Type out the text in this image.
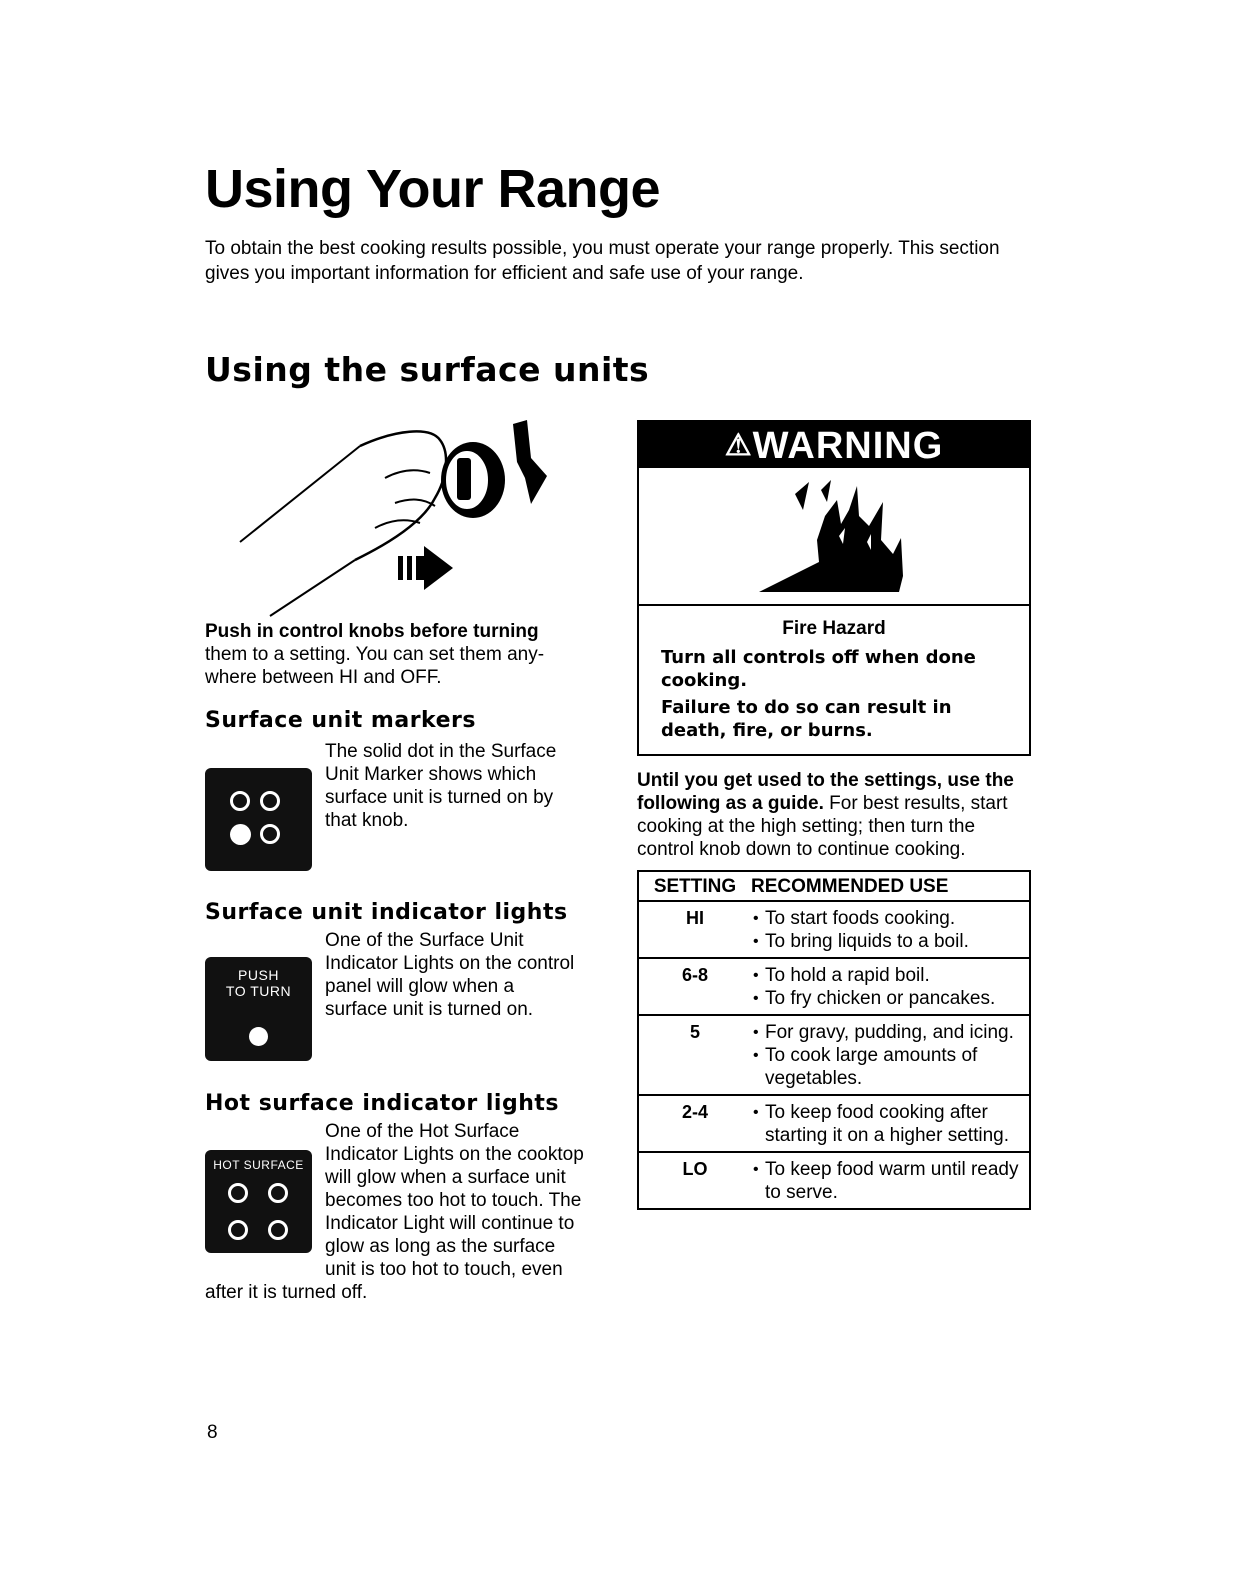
Using Your Range
To obtain the best cooking results possible, you must operate your range properly. This section gives you important information for efficient and safe use of your range.
Using the surface units
Push in control knobs before turning them to a setting. You can set them any-where between HI and OFF.
Surface unit markers
The solid dot in the Surface Unit Marker shows which surface unit is turned on by that knob.
Surface unit indicator lights
PUSH
TO TURN
One of the Surface Unit Indicator Lights on the control panel will glow when a surface unit is turned on.
Hot surface indicator lights
HOT SURFACE
One of the Hot Surface Indicator Lights on the cooktop will glow when a surface unit becomes too hot to touch. The Indicator Light will continue to glow as long as the surface unit is too hot to touch, even after it is turned off.
⚠WARNING
Fire Hazard
Turn all controls off when done cooking.
Failure to do so can result in death, fire, or burns.
Until you get used to the settings, use the following as a guide. For best results, start cooking at the high setting; then turn the control knob down to continue cooking.
SETTING RECOMMENDED USE
HI	• To start foods cooking.
• To bring liquids to a boil.
6-8	• To hold a rapid boil.
• To fry chicken or pancakes.
5	• For gravy, pudding, and icing.
• To cook large amounts of vegetables.
2-4	• To keep food cooking after starting it on a higher setting.
LO	• To keep food warm until ready to serve.
8
